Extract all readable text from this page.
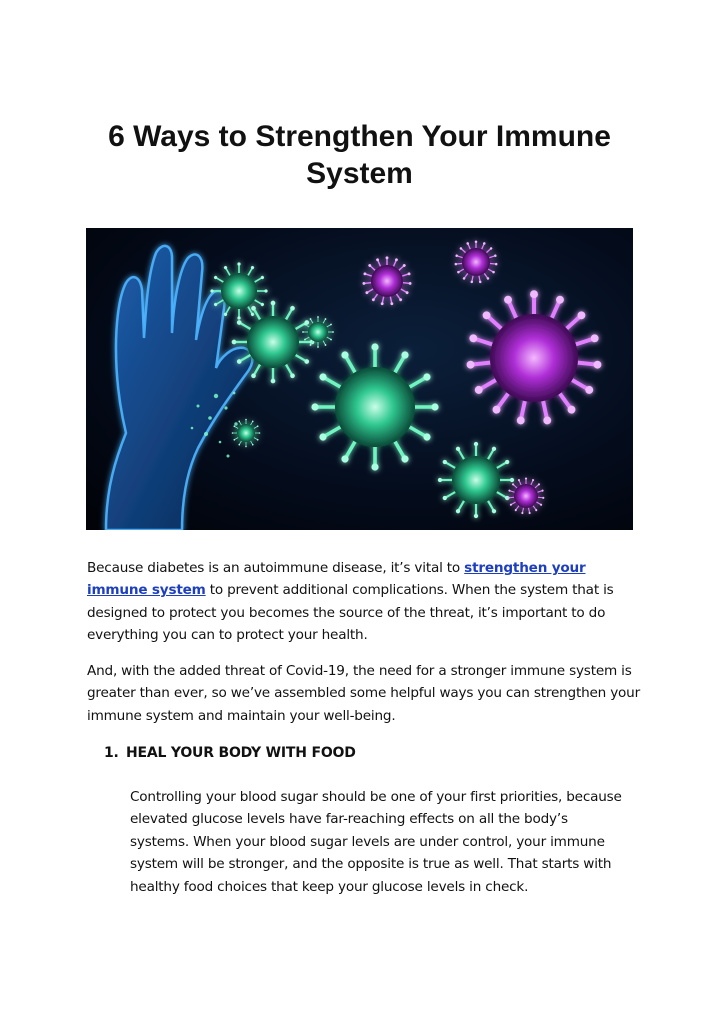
6 Ways to Strengthen Your Immune System

Because diabetes is an autoimmune disease, it’s vital to strengthen your immune system to prevent additional complications. When the system that is designed to protect you becomes the source of the threat, it’s important to do everything you can to protect your health.

And, with the added threat of Covid-19, the need for a stronger immune system is greater than ever, so we’ve assembled some helpful ways you can strengthen your immune system and maintain your well-being.

1. HEAL YOUR BODY WITH FOOD

Controlling your blood sugar should be one of your first priorities, because elevated glucose levels have far-reaching effects on all the body’s systems. When your blood sugar levels are under control, your immune system will be stronger, and the opposite is true as well. That starts with healthy food choices that keep your glucose levels in check.
